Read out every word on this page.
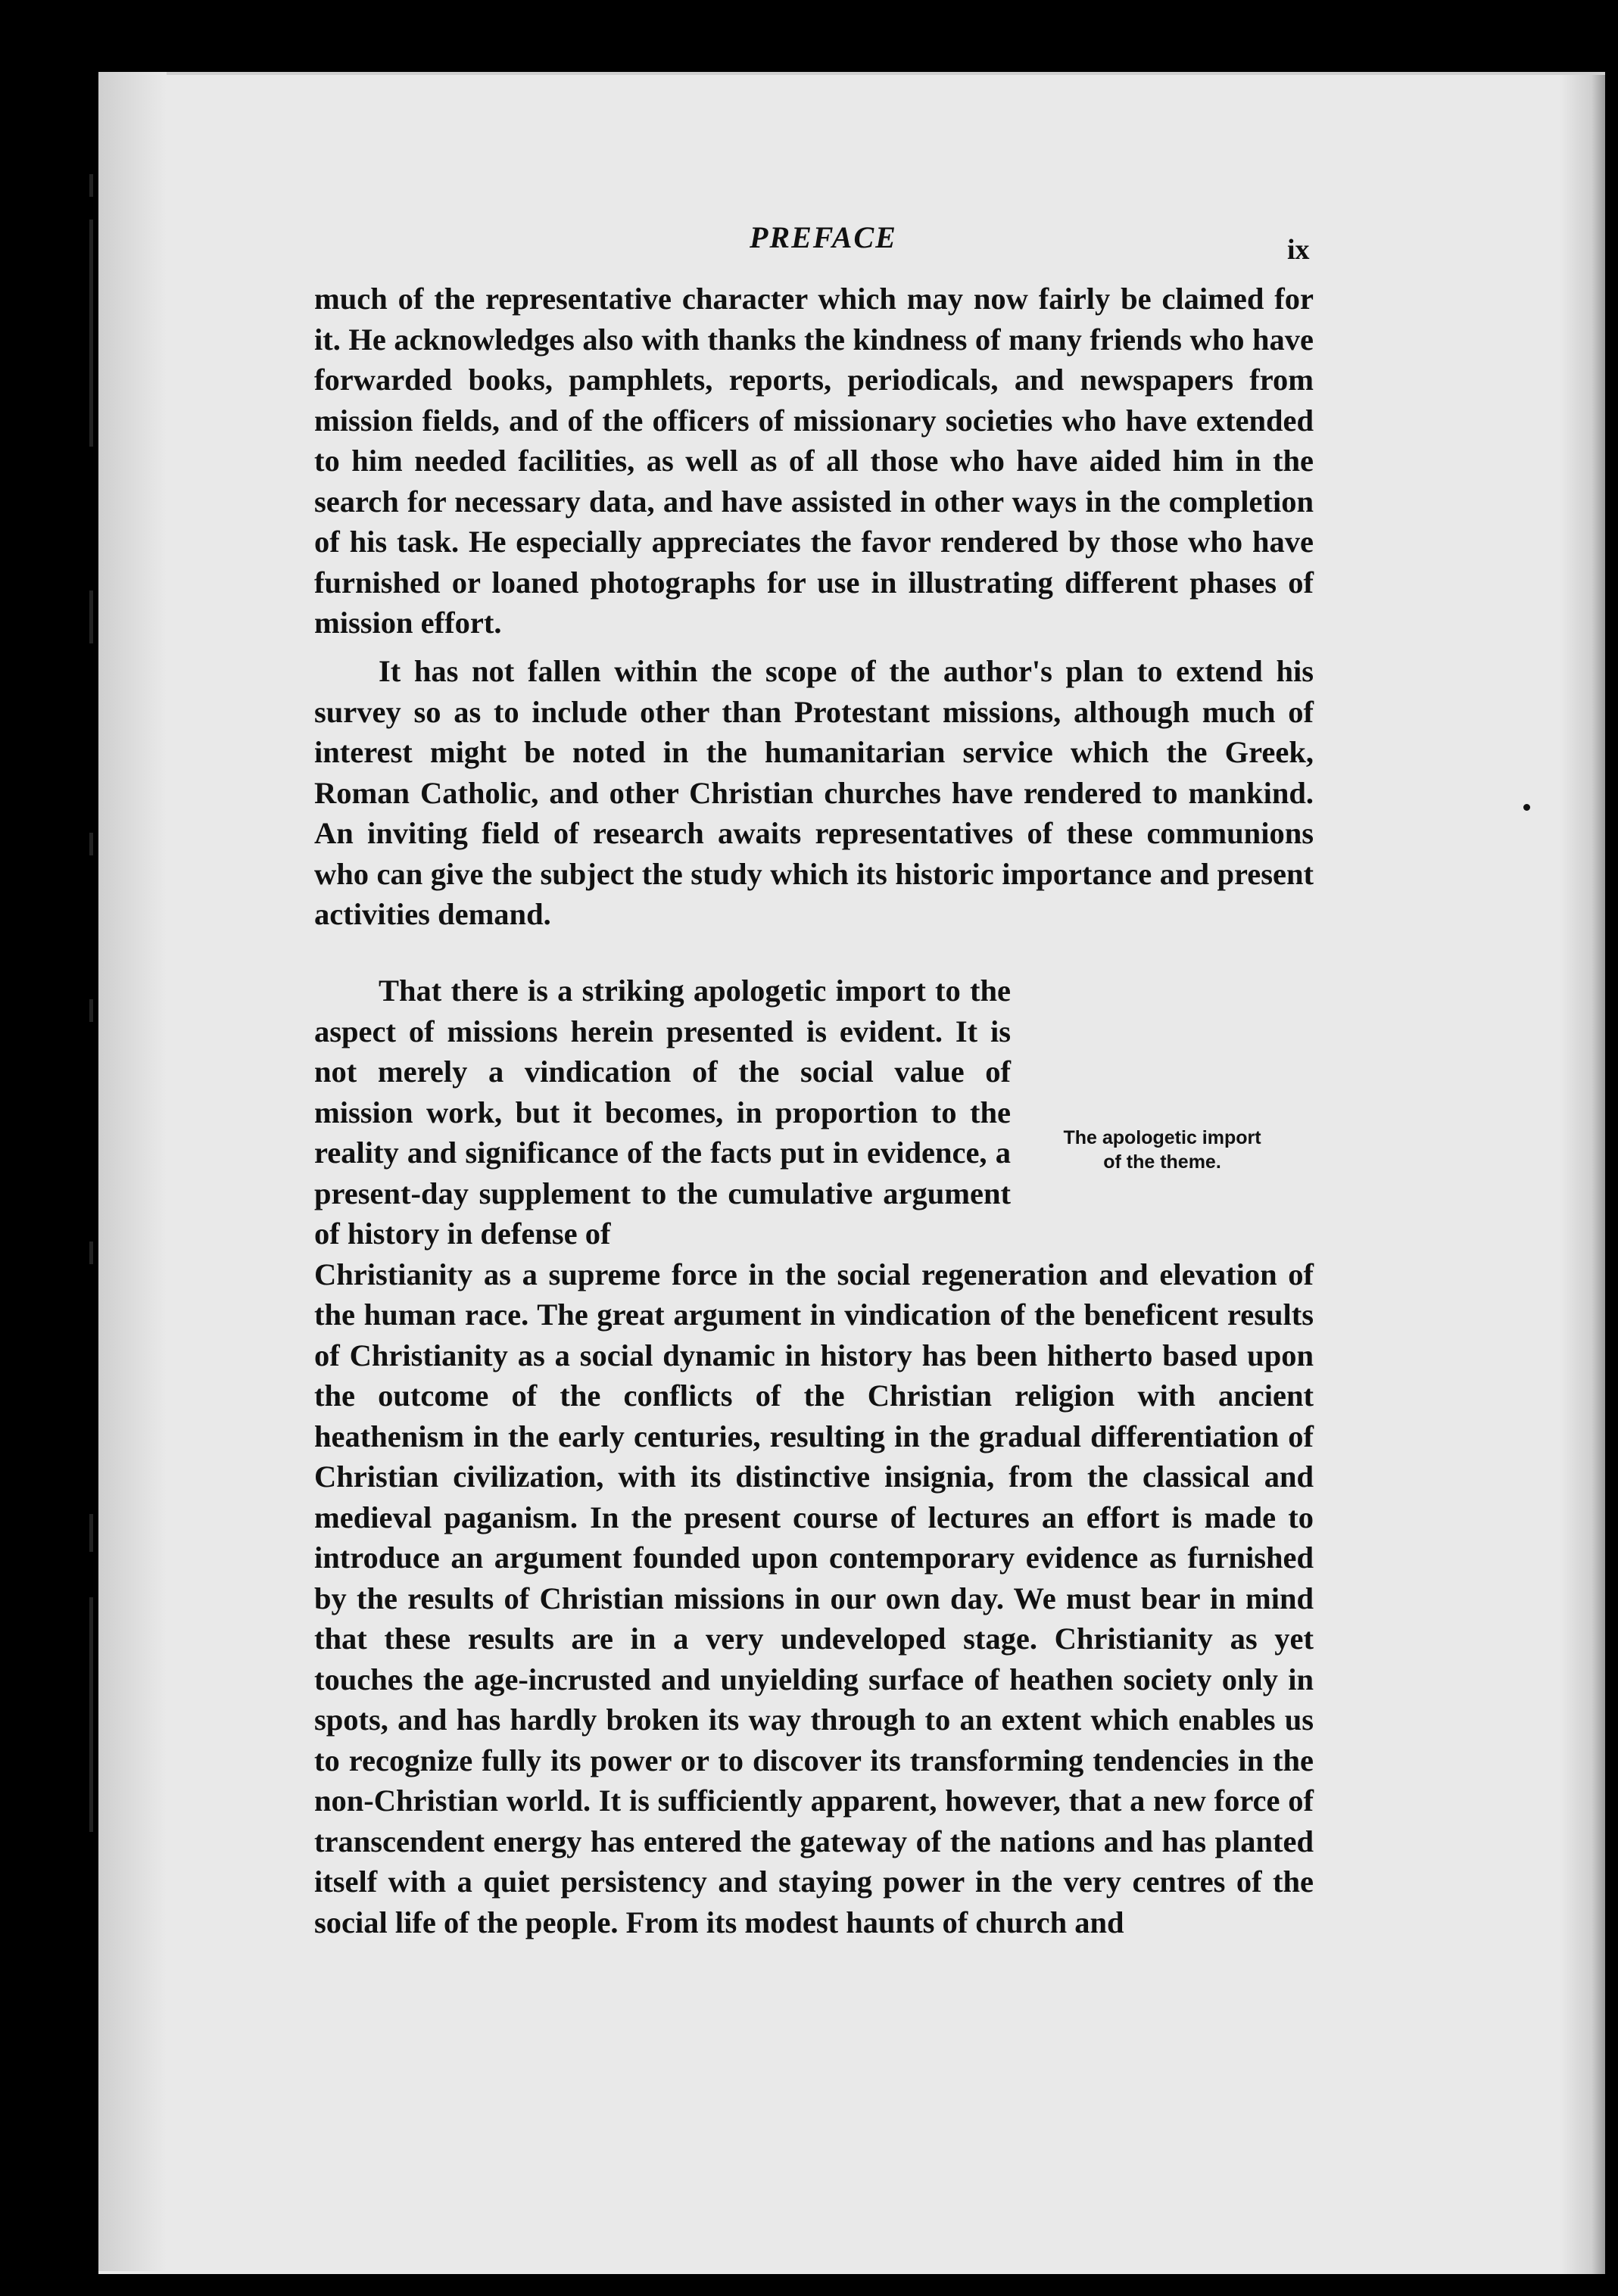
PREFACE	ix
much of the representative character which may now fairly be claimed for it. He acknowledges also with thanks the kindness of many friends who have forwarded books, pamphlets, reports, periodicals, and newspapers from mission fields, and of the officers of missionary societies who have extended to him needed facilities, as well as of all those who have aided him in the search for necessary data, and have assisted in other ways in the completion of his task. He especially appreciates the favor rendered by those who have furnished or loaned photographs for use in illustrating different phases of mission effort.
It has not fallen within the scope of the author's plan to extend his survey so as to include other than Protestant missions, although much of interest might be noted in the humanitarian service which the Greek, Roman Catholic, and other Christian churches have rendered to mankind. An inviting field of research awaits representatives of these communions who can give the subject the study which its historic importance and present activities demand.
That there is a striking apologetic import to the aspect of missions herein presented is evident. It is not merely a vindication of the social value of mission work, but it becomes, in proportion to the reality and significance of the facts put in evidence, a present-day supplement to the cumulative argument of history in defense of
Christianity as a supreme force in the social regeneration and elevation of the human race. The great argument in vindication of the beneficent results of Christianity as a social dynamic in history has been hitherto based upon the outcome of the conflicts of the Christian religion with ancient heathenism in the early centuries, resulting in the gradual differentiation of Christian civilization, with its distinctive insignia, from the classical and medieval paganism. In the present course of lectures an effort is made to introduce an argument founded upon contemporary evidence as furnished by the results of Christian missions in our own day. We must bear in mind that these results are in a very undeveloped stage. Christianity as yet touches the age-incrusted and unyielding surface of heathen society only in spots, and has hardly broken its way through to an extent which enables us to recognize fully its power or to discover its transforming tendencies in the non-Christian world. It is sufficiently apparent, however, that a new force of transcendent energy has entered the gateway of the nations and has planted itself with a quiet persistency and staying power in the very centres of the social life of the people. From its modest haunts of church and
The apologetic import
of the theme.
